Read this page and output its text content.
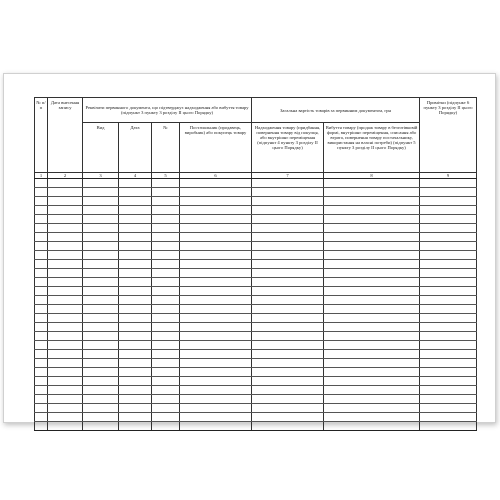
№ п/п	Дата внесення запису	Реквізити первинного документа, що підтверджує надходження або вибуття товару (підпункт 3 пункту 3 розділу II цього Порядку)				Загальна вартість товарів за первинним документом, грн		Примітки (підпункт 6 пункту 3 розділу II цього Порядку)
		Вид	Дата	№	Постачальник (продавець, виробник) або покупець товару	Надходження товару (придбання, повернення товару від покупця, або внутрішнє переміщення (підпункт 4 пункту 3 розділу II цього Порядку)	Вибуття товару (продаж товару в безготівковій формі, внутрішнє переміщення, списання або втрата, повернення товару постачальнику, використання на власні потреби) (підпункт 5 пункту 3 розділу II цього Порядку)	
1	2	3	4	5	6	7	8	9
